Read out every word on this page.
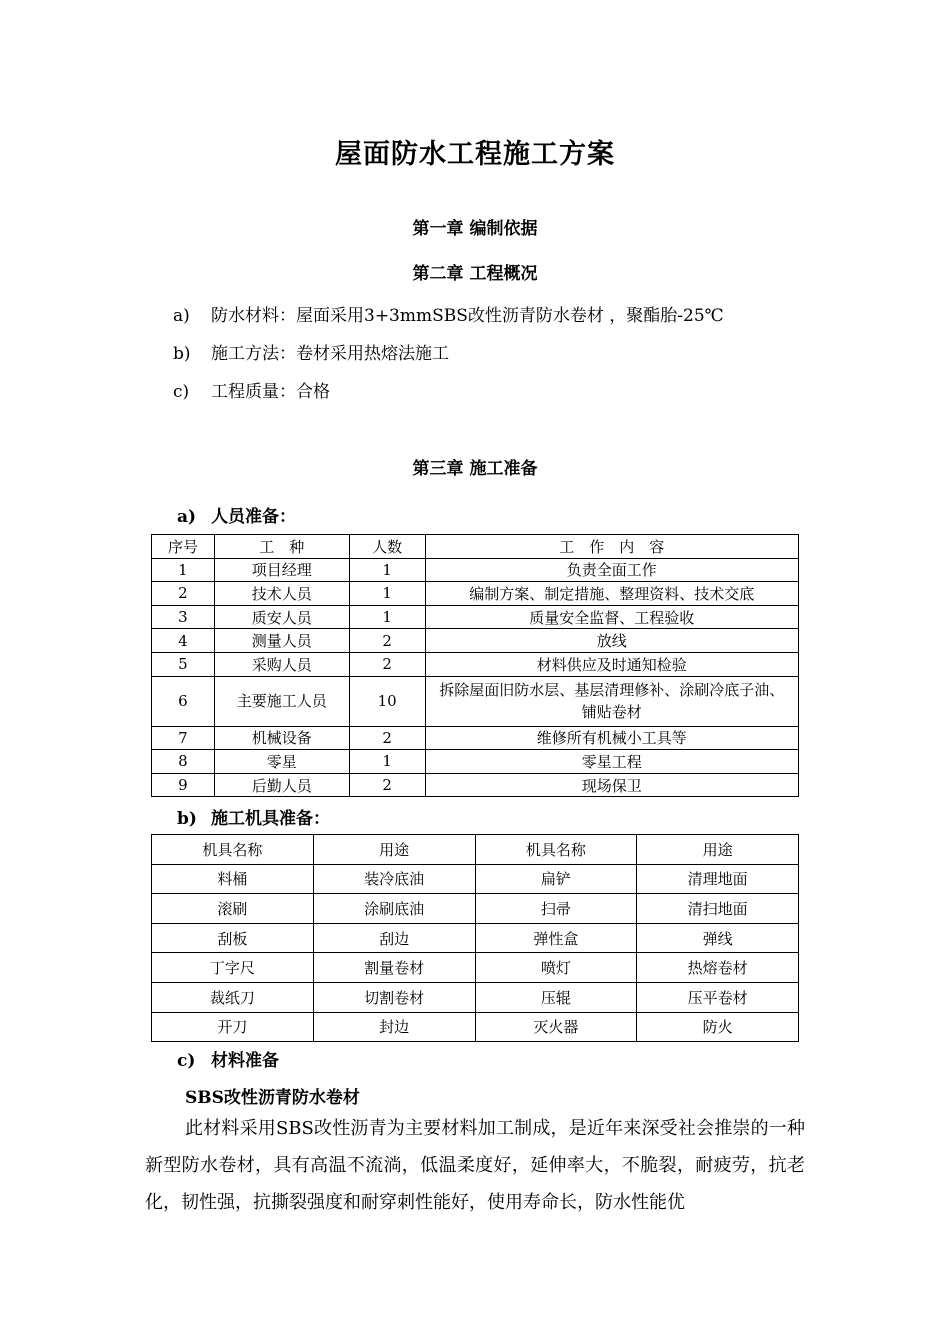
屋面防水工程施工方案
第一章 编制依据
第二章 工程概况
a) 防水材料：屋面采用3+3mmSBS改性沥青防水卷材 ，聚酯胎-25℃
b) 施工方法：卷材采用热熔法施工
c) 工程质量：合格
第三章 施工准备
a) 人员准备：
序号	工　种	人数	工　作　内　容
1	项目经理	1	负责全面工作
2	技术人员	1	编制方案、制定措施、整理资料、技术交底
3	质安人员	1	质量安全监督、工程验收
4	测量人员	2	放线
5	采购人员	2	材料供应及时通知检验
6	主要施工人员	10	拆除屋面旧防水层、基层清理修补、涂刷冷底子油、铺贴卷材
7	机械设备	2	维修所有机械小工具等
8	零星	1	零星工程
9	后勤人员	2	现场保卫
b) 施工机具准备：
机具名称	用途	机具名称	用途
料桶	装冷底油	扁铲	清理地面
滚刷	涂刷底油	扫帚	清扫地面
刮板	刮边	弹性盒	弹线
丁字尺	割量卷材	喷灯	热熔卷材
裁纸刀	切割卷材	压辊	压平卷材
开刀	封边	灭火器	防火
c) 材料准备
SBS改性沥青防水卷材

此材料采用SBS改性沥青为主要材料加工制成，是近年来深受社会推崇的一种新型防水卷材，具有高温不流淌，低温柔度好，延伸率大，不脆裂，耐疲劳，抗老化，韧性强，抗撕裂强度和耐穿刺性能好，使用寿命长，防水性能优
